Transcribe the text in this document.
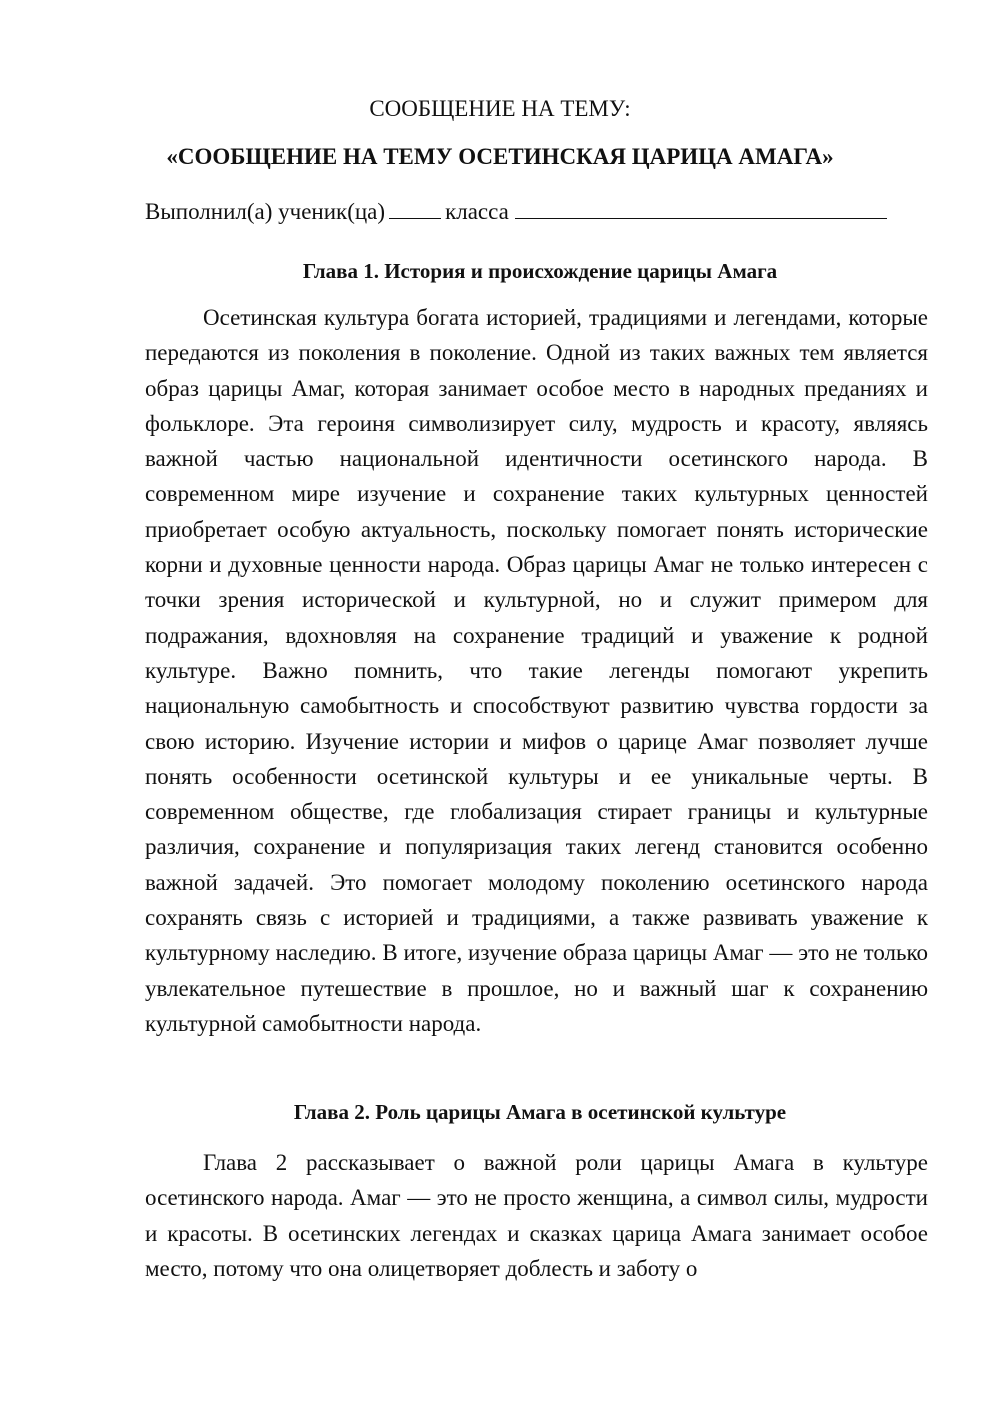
СООБЩЕНИЕ НА ТЕМУ:
«СООБЩЕНИЕ НА ТЕМУ ОСЕТИНСКАЯ ЦАРИЦА АМАГА»
Выполнил(а) ученик(ца)	класса
Глава 1. История и происхождение царицы Амага

Осетинская культура богата историей, традициями и легендами, которые передаются из поколения в поколение. Одной из таких важных тем является образ царицы Амаг, которая занимает особое место в народных преданиях и фольклоре. Эта героиня символизирует силу, мудрость и красоту, являясь важной частью национальной идентичности осетинского народа. В современном мире изучение и сохранение таких культурных ценностей приобретает особую актуальность, поскольку помогает понять исторические корни и духовные ценности народа. Образ царицы Амаг не только интересен с точки зрения исторической и культурной, но и служит примером для подражания, вдохновляя на сохранение традиций и уважение к родной культуре. Важно помнить, что такие легенды помогают укрепить национальную самобытность и способствуют развитию чувства гордости за свою историю. Изучение истории и мифов о царице Амаг позволяет лучше понять особенности осетинской культуры и ее уникальные черты. В современном обществе, где глобализация стирает границы и культурные различия, сохранение и популяризация таких легенд становится особенно важной задачей. Это помогает молодому поколению осетинского народа сохранять связь с историей и традициями, а также развивать уважение к культурному наследию. В итоге, изучение образа царицы Амаг — это не только увлекательное путешествие в прошлое, но и важный шаг к сохранению культурной самобытности народа.

Глава 2. Роль царицы Амага в осетинской культуре

Глава 2 рассказывает о важной роли царицы Амага в культуре осетинского народа. Амаг — это не просто женщина, а символ силы, мудрости и красоты. В осетинских легендах и сказках царица Амага занимает особое место, потому что она олицетворяет доблесть и заботу о
